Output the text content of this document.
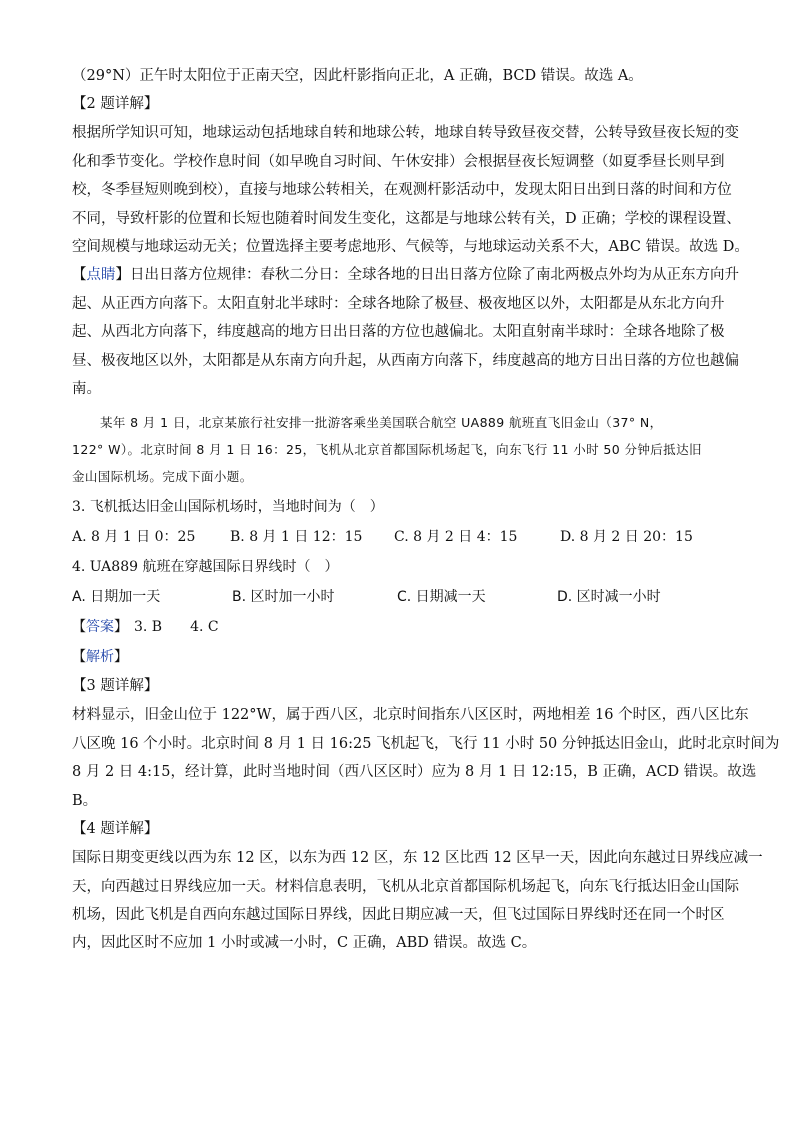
（29°N）正午时太阳位于正南天空，因此杆影指向正北，A 正确，BCD 错误。故选 A。
【2 题详解】
根据所学知识可知，地球运动包括地球自转和地球公转，地球自转导致昼夜交替，公转导致昼夜长短的变
化和季节变化。学校作息时间（如早晚自习时间、午休安排）会根据昼夜长短调整（如夏季昼长则早到
校，冬季昼短则晚到校），直接与地球公转相关，在观测杆影活动中，发现太阳日出到日落的时间和方位
不同，导致杆影的位置和长短也随着时间发生变化，这都是与地球公转有关，D 正确；学校的课程设置、
空间规模与地球运动无关；位置选择主要考虑地形、气候等，与地球运动关系不大，ABC 错误。故选 D。
【点睛】日出日落方位规律：春秋二分日：全球各地的日出日落方位除了南北两极点外均为从正东方向升
起、从正西方向落下。太阳直射北半球时：全球各地除了极昼、极夜地区以外，太阳都是从东北方向升
起、从西北方向落下，纬度越高的地方日出日落的方位也越偏北。太阳直射南半球时：全球各地除了极
昼、极夜地区以外，太阳都是从东南方向升起，从西南方向落下，纬度越高的地方日出日落的方位也越偏
南。
某年 8 月 1 日，北京某旅行社安排一批游客乘坐美国联合航空 UA889 航班直飞旧金山（37° N，
122° W）。北京时间 8 月 1 日 16：25，飞机从北京首都国际机场起飞，向东飞行 11 小时 50 分钟后抵达旧
金山国际机场。完成下面小题。
3. 飞机抵达旧金山国际机场时，当地时间为（　）
A. 8 月 1 日 0：25	B. 8 月 1 日 12：15	C. 8 月 2 日 4：15	D. 8 月 2 日 20：15
4. UA889 航班在穿越国际日界线时（　）
A. 日期加一天	B. 区时加一小时	C. 日期减一天	D. 区时减一小时
【答案】 3. B　　4. C
【解析】
【3 题详解】
材料显示，旧金山位于 122°W，属于西八区，北京时间指东八区区时，两地相差 16 个时区，西八区比东
八区晚 16 个小时。北京时间 8 月 1 日 16:25 飞机起飞，飞行 11 小时 50 分钟抵达旧金山，此时北京时间为
8 月 2 日 4:15，经计算，此时当地时间（西八区区时）应为 8 月 1 日 12:15，B 正确，ACD 错误。故选
B。
【4 题详解】
国际日期变更线以西为东 12 区，以东为西 12 区，东 12 区比西 12 区早一天，因此向东越过日界线应减一
天，向西越过日界线应加一天。材料信息表明，飞机从北京首都国际机场起飞，向东飞行抵达旧金山国际
机场，因此飞机是自西向东越过国际日界线，因此日期应减一天，但飞过国际日界线时还在同一个时区
内，因此区时不应加 1 小时或减一小时，C 正确，ABD 错误。故选 C。
